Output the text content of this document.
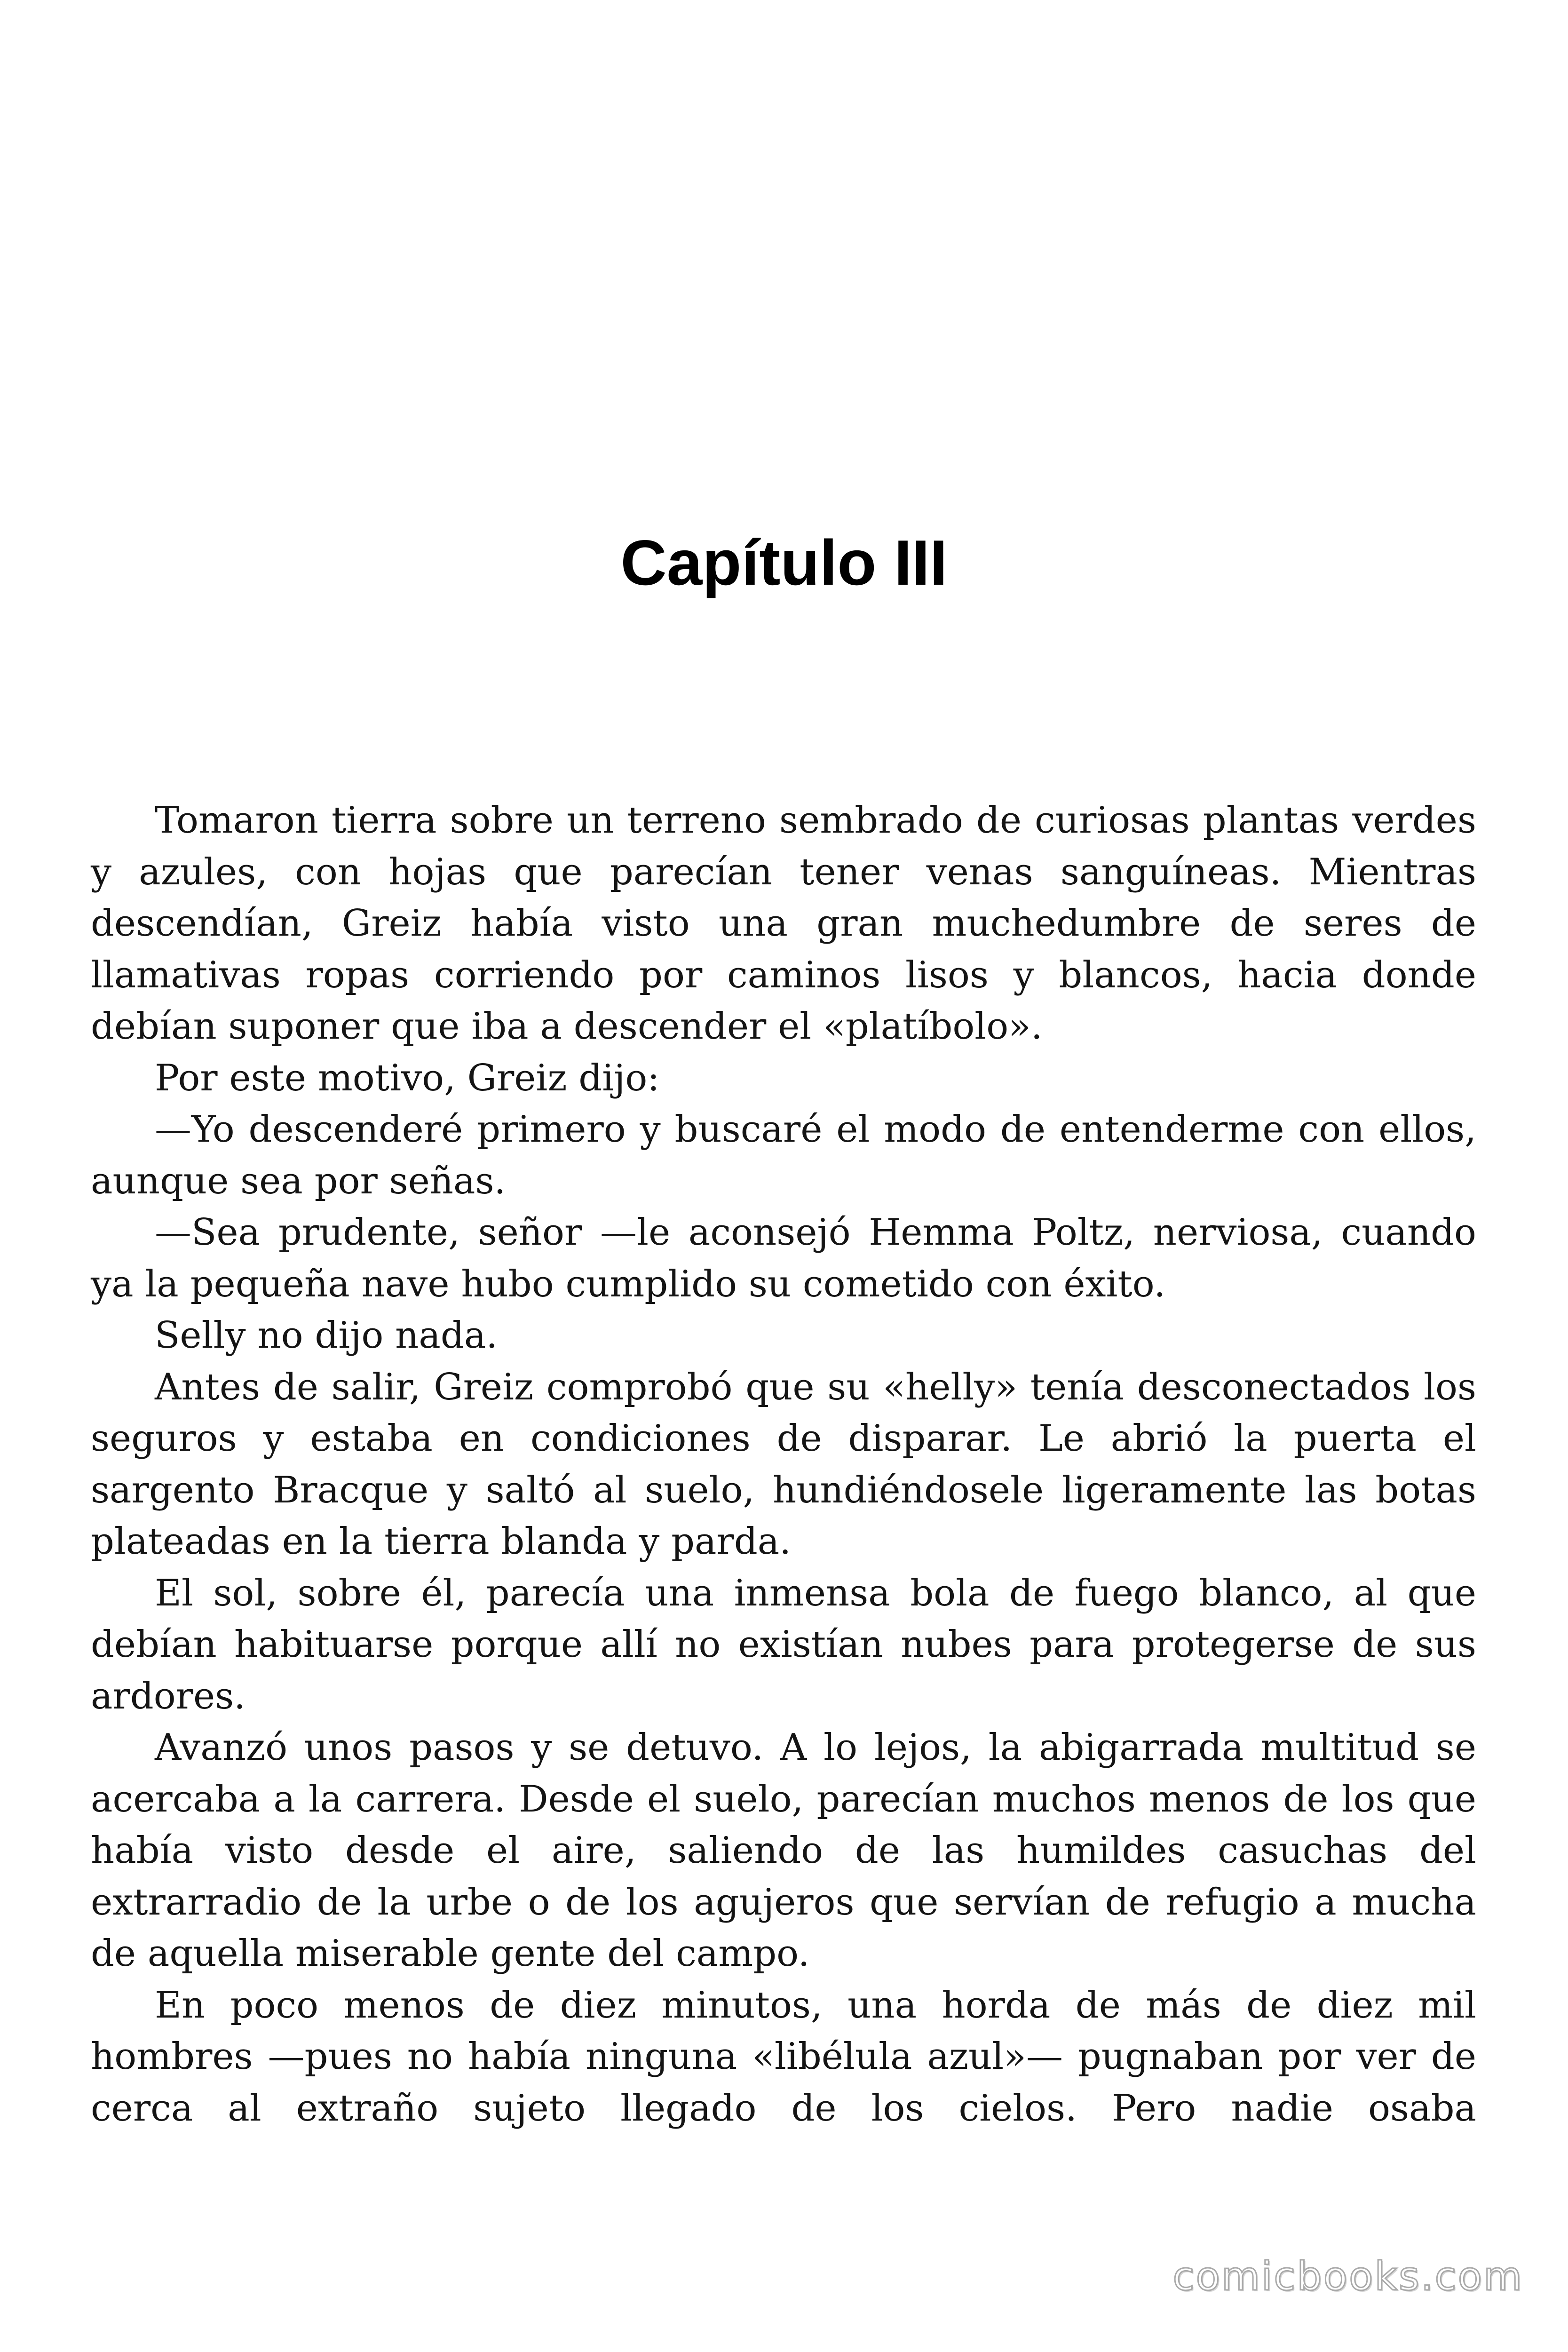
Capítulo III

Tomaron tierra sobre un terreno sembrado de curiosas plantas verdes y azules, con hojas que parecían tener venas sanguíneas. Mientras descendían, Greiz había visto una gran muchedumbre de seres de llamativas ropas corriendo por caminos lisos y blancos, hacia donde debían suponer que iba a descender el «platíbolo».

Por este motivo, Greiz dijo:

—Yo descenderé primero y buscaré el modo de entenderme con ellos, aunque sea por señas.

—Sea prudente, señor —le aconsejó Hemma Poltz, nerviosa, cuando ya la pequeña nave hubo cumplido su cometido con éxito.

Selly no dijo nada.

Antes de salir, Greiz comprobó que su «helly» tenía desconectados los seguros y estaba en condiciones de disparar. Le abrió la puerta el sargento Bracque y saltó al suelo, hundiéndosele ligeramente las botas plateadas en la tierra blanda y parda.

El sol, sobre él, parecía una inmensa bola de fuego blanco, al que debían habituarse porque allí no existían nubes para protegerse de sus ardores.

Avanzó unos pasos y se detuvo. A lo lejos, la abigarrada multitud se acercaba a la carrera. Desde el suelo, parecían muchos menos de los que había visto desde el aire, saliendo de las humildes casuchas del extrarradio de la urbe o de los agujeros que servían de refugio a mucha de aquella miserable gente del campo.

En poco menos de diez minutos, una horda de más de diez mil hombres —pues no había ninguna «libélula azul»— pugnaban por ver de cerca al extraño sujeto llegado de los cielos. Pero nadie osaba

comicbooks.com
